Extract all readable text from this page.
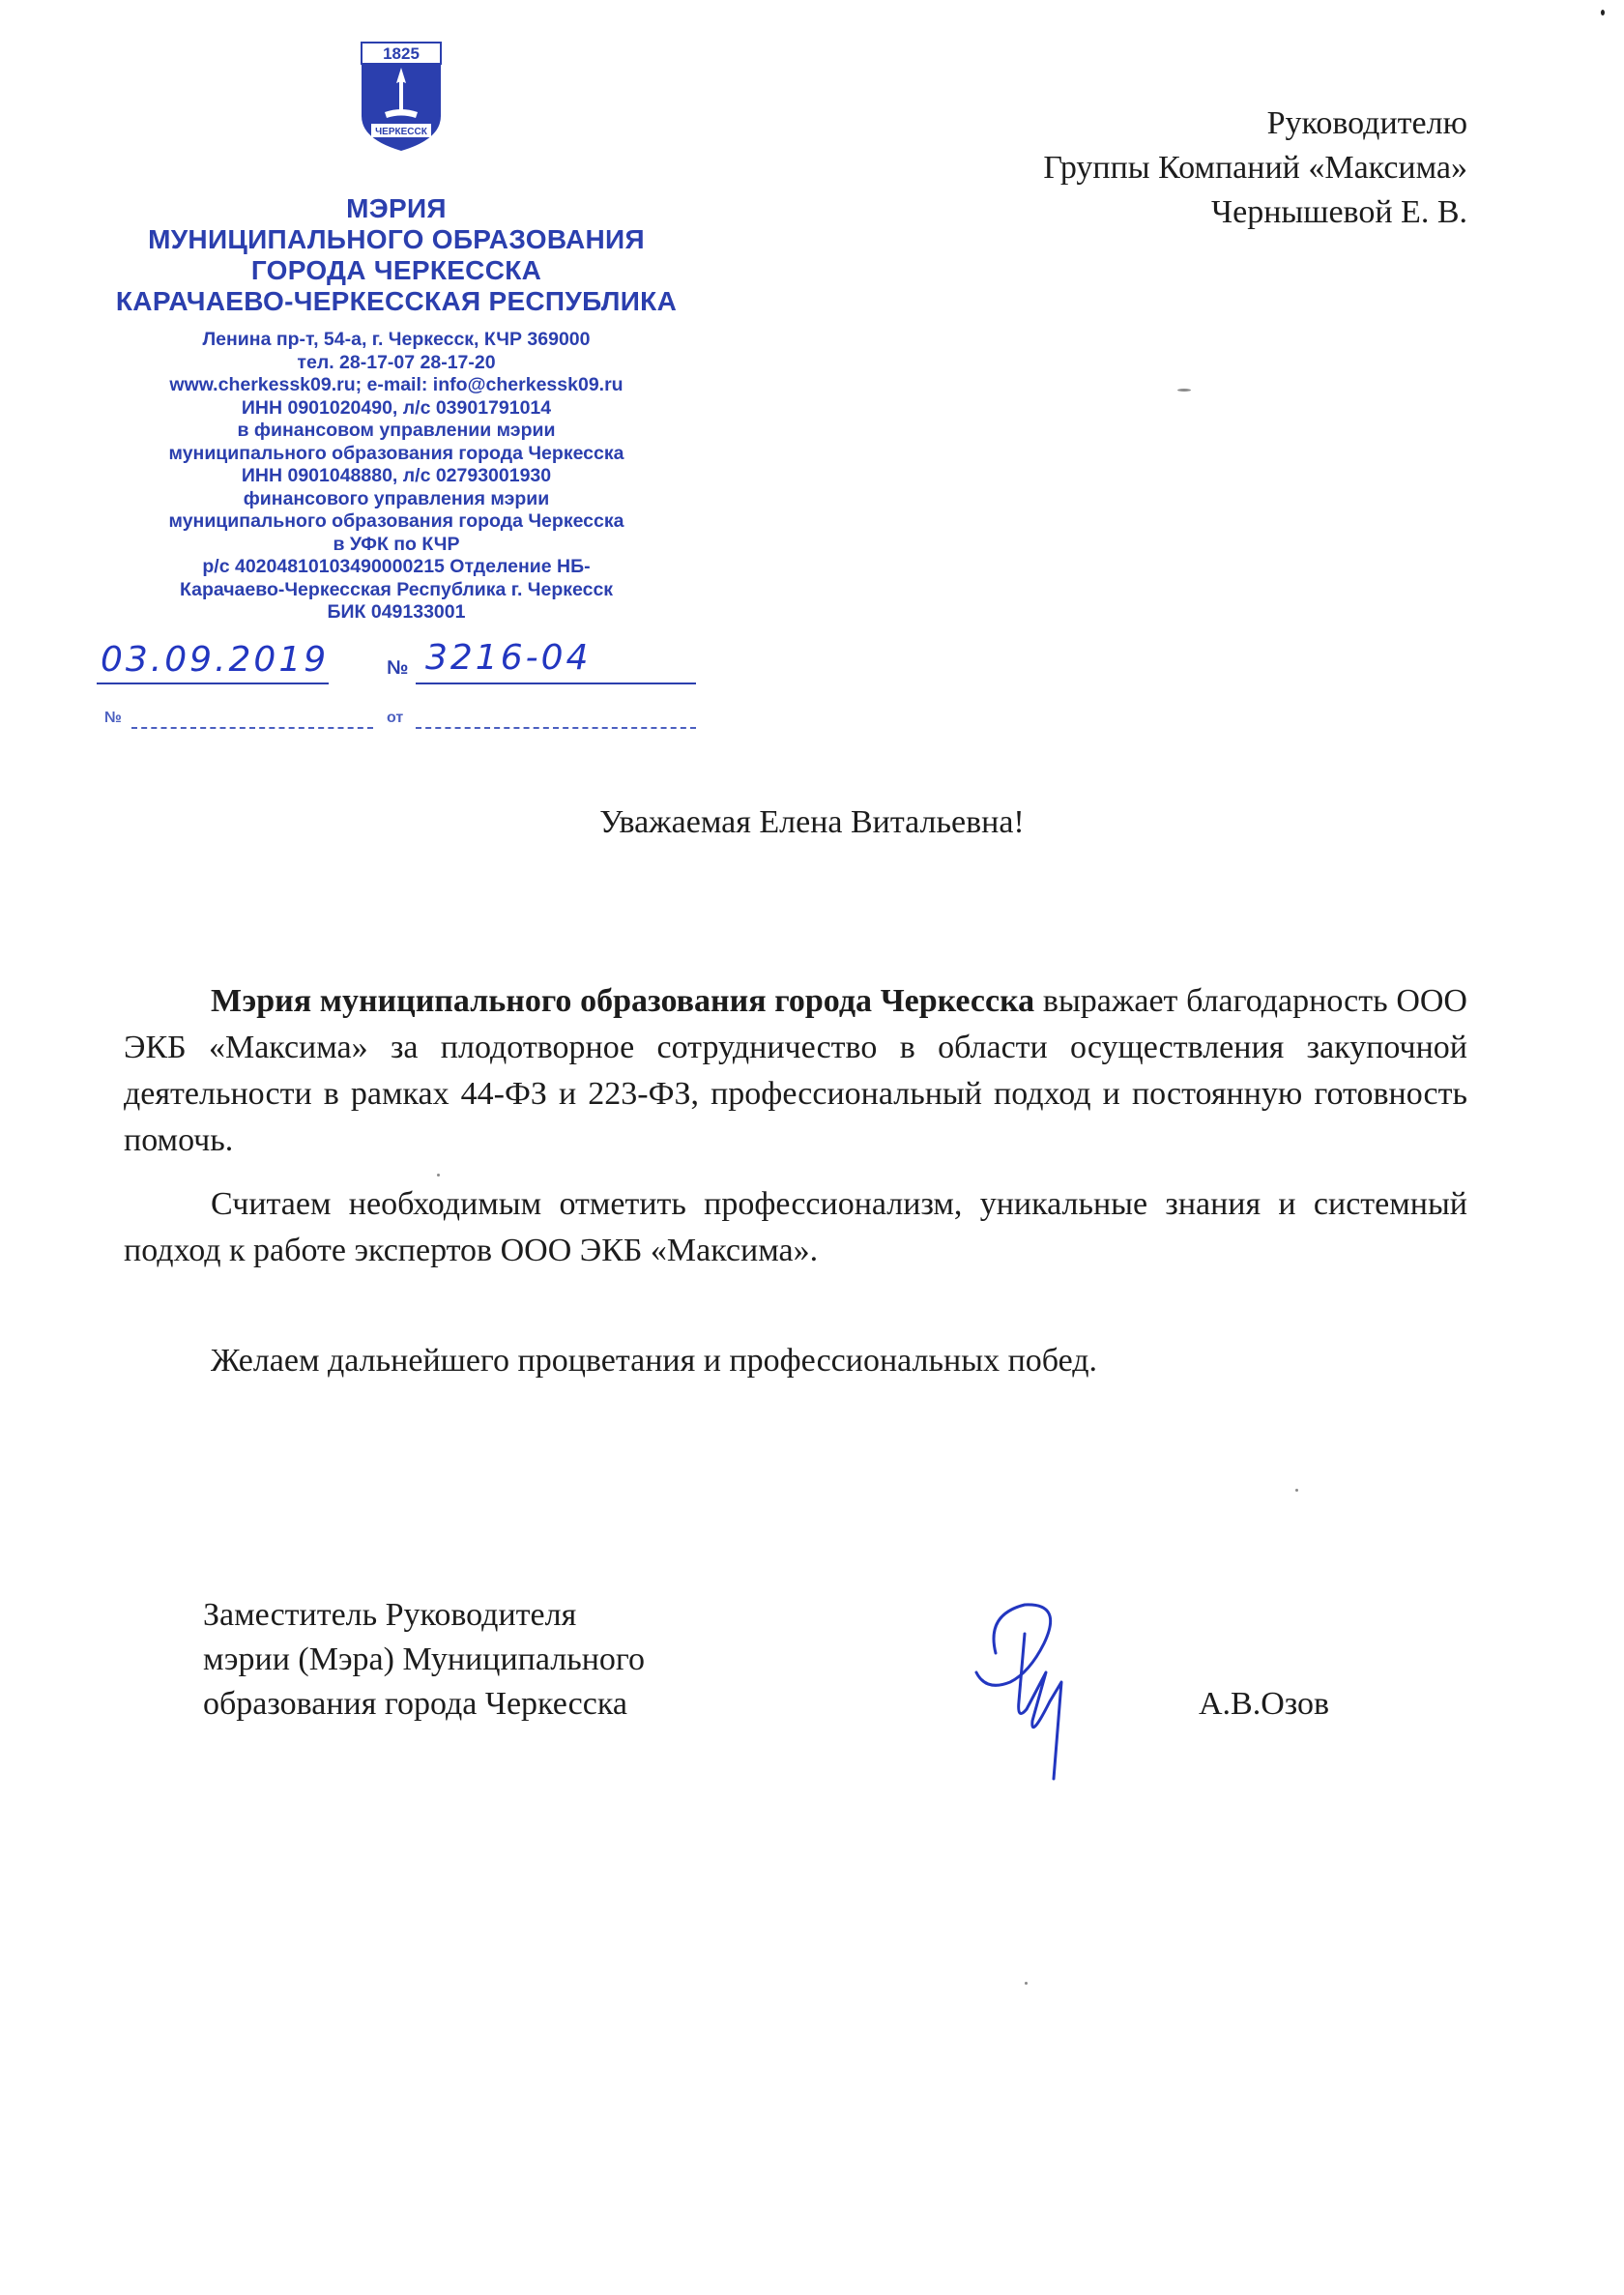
1825
ЧЕРКЕССК
МЭРИЯ
МУНИЦИПАЛЬНОГО ОБРАЗОВАНИЯ
ГОРОДА ЧЕРКЕССКА
КАРАЧАЕВО-ЧЕРКЕССКАЯ РЕСПУБЛИКА
Ленина пр-т, 54-а, г. Черкесск, КЧР 369000
тел. 28-17-07 28-17-20
www.cherkessk09.ru; e-mail: info@cherkessk09.ru
ИНН 0901020490, л/с 03901791014
в финансовом управлении мэрии
муниципального образования города Черкесска
ИНН 0901048880, л/с 02793001930
финансового управления мэрии
муниципального образования города Черкесска
в УФК по КЧР
р/с 40204810103490000215 Отделение НБ-
Карачаево-Черкесская Республика г. Черкесск
БИК 049133001
03.09.2019	№ 3216-04
№	от
Руководителю
Группы Компаний «Максима»
Чернышевой Е. В.
Уважаемая Елена Витальевна!

Мэрия муниципального образования города Черкесска выражает благодарность ООО ЭКБ «Максима» за плодотворное сотрудничество в области осуществления закупочной деятельности в рамках 44-ФЗ и 223-ФЗ, профессиональный подход и постоянную готовность помочь.

Считаем необходимым отметить профессионализм, уникальные знания и системный подход к работе экспертов ООО ЭКБ «Максима».

Желаем дальнейшего процветания и профессиональных побед.

Заместитель Руководителя
мэрии (Мэра) Муниципального
образования города Черкесска	А.В.Озов
